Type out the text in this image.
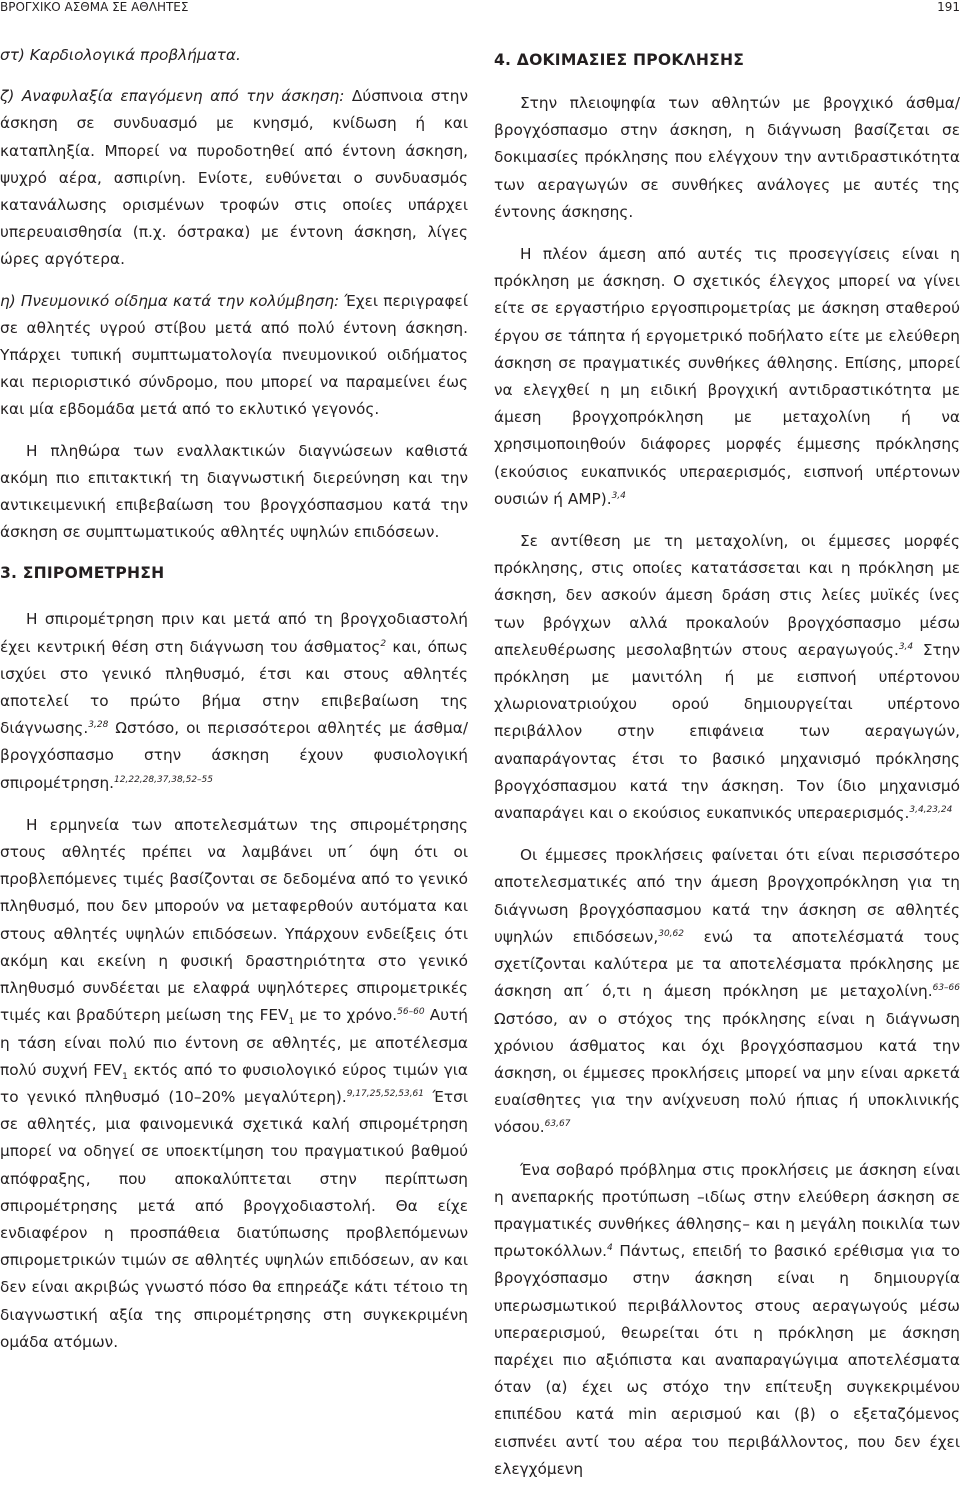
ΒΡΟΓΧΙΚΟ ΑΣΘΜΑ ΣΕ ΑΘΛΗΤΕΣ	191

στ) Καρδιολογικά προβλήματα.

ζ) Αναφυλαξία επαγόμενη από την άσκηση: Δύσπνοια στην άσκηση σε συνδυασμό με κνησμό, κνίδωση ή και καταπληξία. Μπορεί να πυροδοτηθεί από έντονη άσκηση, ψυχρό αέρα, ασπιρίνη. Ενίοτε, ευθύνεται ο συνδυασμός κατανάλωσης ορισμένων τροφών στις οποίες υπάρχει υπερευαισθησία (π.χ. όστρακα) με έντονη άσκηση, λίγες ώρες αργότερα.

η) Πνευμονικό οίδημα κατά την κολύμβηση: Έχει περιγραφεί σε αθλητές υγρού στίβου μετά από πολύ έντονη άσκηση. Υπάρχει τυπική συμπτωματολογία πνευμονικού οιδήματος και περιοριστικό σύνδρομο, που μπορεί να παραμείνει έως και μία εβδομάδα μετά από το εκλυτικό γεγονός.

Η πληθώρα των εναλλακτικών διαγνώσεων καθιστά ακόμη πιο επιτακτική τη διαγνωστική διερεύνηση και την αντικειμενική επιβεβαίωση του βρογχόσπασμου κατά την άσκηση σε συμπτωματικούς αθλητές υψηλών επιδόσεων.

3. ΣΠΙΡΟΜΕΤΡΗΣΗ

Η σπιρομέτρηση πριν και μετά από τη βρογχοδιαστολή έχει κεντρική θέση στη διάγνωση του άσθματος$^2$ και, όπως ισχύει στο γενικό πληθυσμό, έτσι και στους αθλητές αποτελεί το πρώτο βήμα στην επιβεβαίωση της διάγνωσης.$^{3,28}$ Ωστόσο, οι περισσότεροι αθλητές με άσθμα/βρογχόσπασμο στην άσκηση έχουν φυσιολογική σπιρομέτρηση.$^{12,22,28,37,38,52-55}$

Η ερμηνεία των αποτελεσμάτων της σπιρομέτρησης στους αθλητές πρέπει να λαμβάνει υπ΄ όψη ότι οι προβλεπόμενες τιμές βασίζονται σε δεδομένα από το γενικό πληθυσμό, που δεν μπορούν να μεταφερθούν αυτόματα και στους αθλητές υψηλών επιδόσεων. Υπάρχουν ενδείξεις ότι ακόμη και εκείνη η φυσική δραστηριότητα στο γενικό πληθυσμό συνδέεται με ελαφρά υψηλότερες σπιρομετρικές τιμές και βραδύτερη μείωση της $FEV_1$ με το χρόνο.$^{56-60}$ Αυτή η τάση είναι πολύ πιο έντονη σε αθλητές, με αποτέλεσμα πολύ συχνή $FEV_1$ εκτός από το φυσιολογικό εύρος τιμών για το γενικό πληθυσμό (10–20% μεγαλύτερη).$^{9,17,25,52,53,61}$ Έτσι σε αθλητές, μια φαινομενικά σχετικά καλή σπιρομέτρηση μπορεί να οδηγεί σε υποεκτίμηση του πραγματικού βαθμού απόφραξης, που αποκαλύπτεται στην περίπτωση σπιρομέτρησης μετά από βρογχοδιαστολή. Θα είχε ενδιαφέρον η προσπάθεια διατύπωσης προβλεπόμενων σπιρομετρικών τιμών σε αθλητές υψηλών επιδόσεων, αν και δεν είναι ακριβώς γνωστό πόσο θα επηρεάζε κάτι τέτοιο τη διαγνωστική αξία της σπιρομέτρησης στη συγκεκριμένη ομάδα ατόμων.

4. ΔΟΚΙΜΑΣΙΕΣ ΠΡΟΚΛΗΣΗΣ

Στην πλειοψηφία των αθλητών με βρογχικό άσθμα/βρογχόσπασμο στην άσκηση, η διάγνωση βασίζεται σε δοκιμασίες πρόκλησης που ελέγχουν την αντιδραστικότητα των αεραγωγών σε συνθήκες ανάλογες με αυτές της έντονης άσκησης.

Η πλέον άμεση από αυτές τις προσεγγίσεις είναι η πρόκληση με άσκηση. Ο σχετικός έλεγχος μπορεί να γίνει είτε σε εργαστήριο εργοσπιρομετρίας με άσκηση σταθερού έργου σε τάπητα ή εργομετρικό ποδήλατο είτε με ελεύθερη άσκηση σε πραγματικές συνθήκες άθλησης. Επίσης, μπορεί να ελεγχθεί η μη ειδική βρογχική αντιδραστικότητα με άμεση βρογχοπρόκληση με μεταχολίνη ή να χρησιμοποιηθούν διάφορες μορφές έμμεσης πρόκλησης (εκούσιος ευκαπνικός υπεραερισμός, εισπνοή υπέρτονων ουσιών ή AMP).$^{3,4}$

Σε αντίθεση με τη μεταχολίνη, οι έμμεσες μορφές πρόκλησης, στις οποίες κατατάσσεται και η πρόκληση με άσκηση, δεν ασκούν άμεση δράση στις λείες μυϊκές ίνες των βρόγχων αλλά προκαλούν βρογχόσπασμο μέσω απελευθέρωσης μεσολαβητών στους αεραγωγούς.$^{3,4}$ Στην πρόκληση με μανιτόλη ή με εισπνοή υπέρτονου χλωριονατριούχου ορού δημιουργείται υπέρτονο περιβάλλον στην επιφάνεια των αεραγωγών, αναπαράγοντας έτσι το βασικό μηχανισμό πρόκλησης βρογχόσπασμου κατά την άσκηση. Τον ίδιο μηχανισμό αναπαράγει και ο εκούσιος ευκαπνικός υπεραερισμός.$^{3,4,23,24}$

Οι έμμεσες προκλήσεις φαίνεται ότι είναι περισσότερο αποτελεσματικές από την άμεση βρογχοπρόκληση για τη διάγνωση βρογχόσπασμου κατά την άσκηση σε αθλητές υψηλών επιδόσεων,$^{30,62}$ ενώ τα αποτελέσματά τους σχετίζονται καλύτερα με τα αποτελέσματα πρόκλησης με άσκηση απ΄ ό,τι η άμεση πρόκληση με μεταχολίνη.$^{63-66}$ Ωστόσο, αν ο στόχος της πρόκλησης είναι η διάγνωση χρόνιου άσθματος και όχι βρογχόσπασμου κατά την άσκηση, οι έμμεσες προκλήσεις μπορεί να μην είναι αρκετά ευαίσθητες για την ανίχνευση πολύ ήπιας ή υποκλινικής νόσου.$^{63,67}$

Ένα σοβαρό πρόβλημα στις προκλήσεις με άσκηση είναι η ανεπαρκής προτύπωση –ιδίως στην ελεύθερη άσκηση σε πραγματικές συνθήκες άθλησης– και η μεγάλη ποικιλία των πρωτοκόλλων.$^4$ Πάντως, επειδή το βασικό ερέθισμα για το βρογχόσπασμο στην άσκηση είναι η δημιουργία υπερωσμωτικού περιβάλλοντος στους αεραγωγούς μέσω υπεραερισμού, θεωρείται ότι η πρόκληση με άσκηση παρέχει πιο αξιόπιστα και αναπαραγώγιμα αποτελέσματα όταν (α) έχει ως στόχο την επίτευξη συγκεκριμένου επιπέδου κατά min αερισμού και (β) ο εξεταζόμενος εισπνέει αντί του αέρα του περιβάλλοντος, που δεν έχει ελεγχόμενη
